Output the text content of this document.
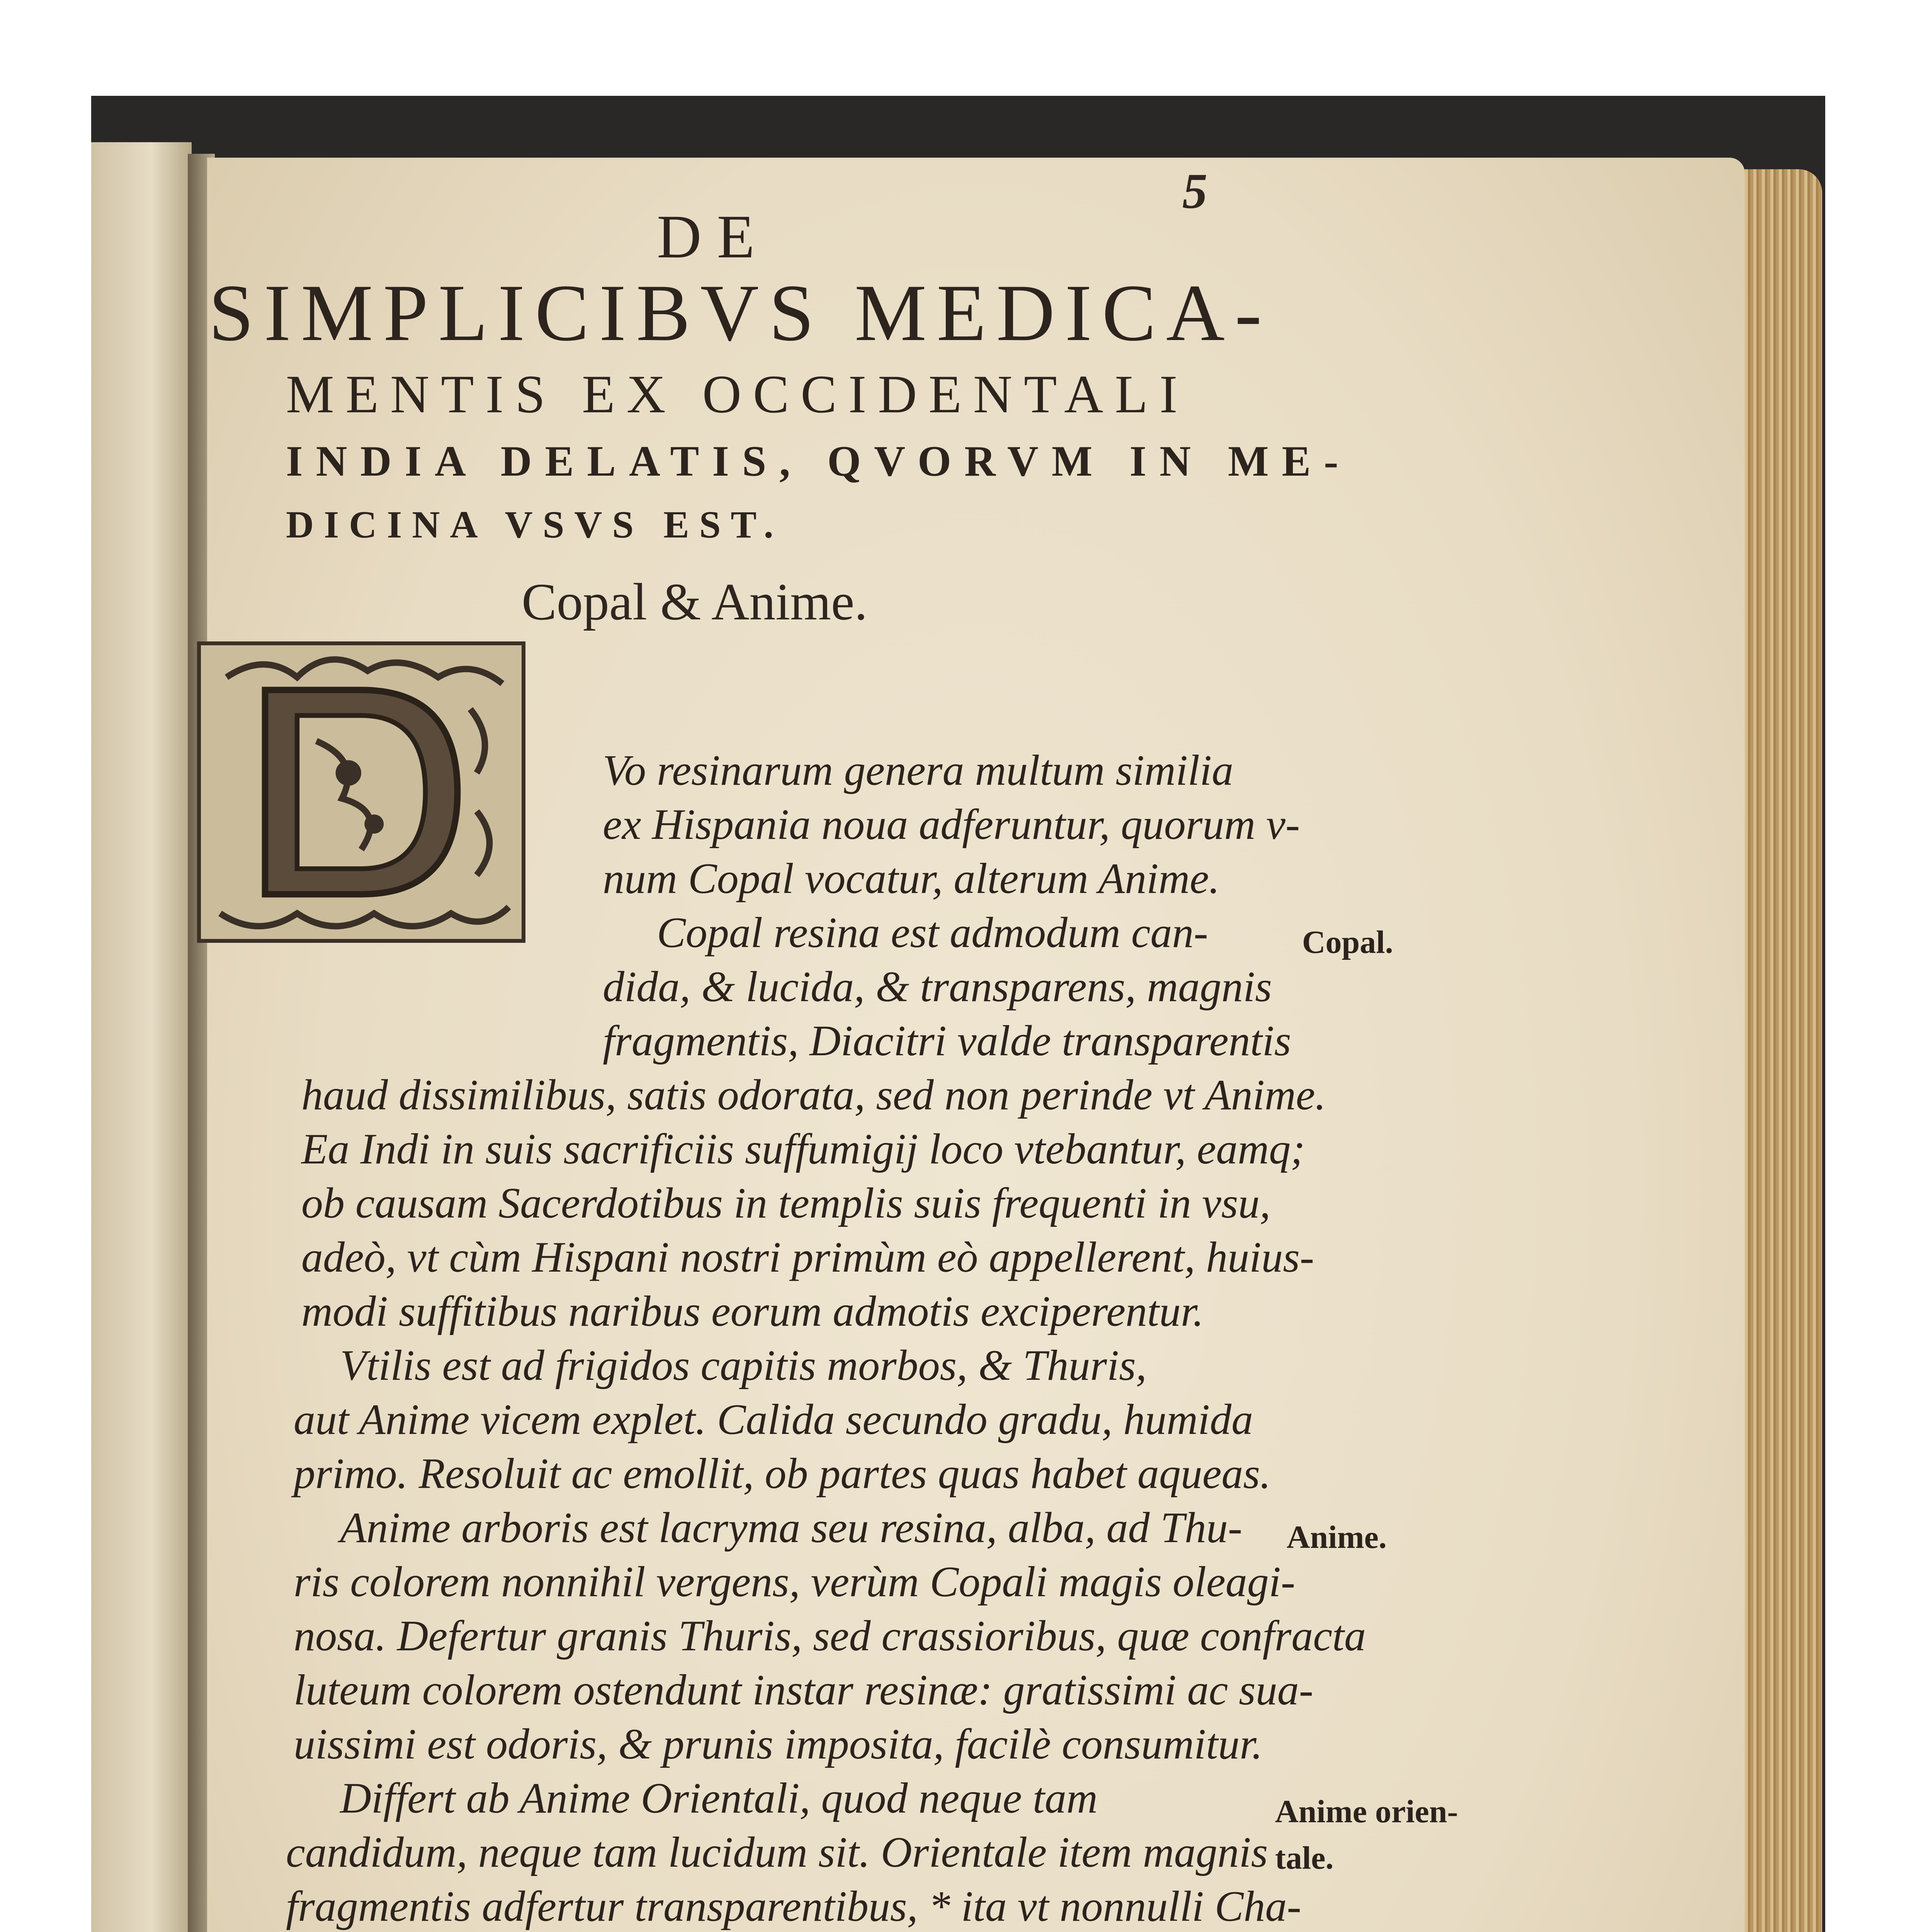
5
DE
SIMPLICIBVS MEDICA-
MENTIS EX OCCIDENTALI
INDIA DELATIS, QVORVM IN ME-
DICINA VSVS EST.
Copal & Anime.
Vo resinarum genera multum similia
ex Hispania noua adferuntur, quorum v-
num Copal vocatur, alterum Anime.
Copal resina est admodum can-
dida, & lucida, & transparens, magnis
fragmentis, Diacitri valde transparentis
haud dissimilibus, satis odorata, sed non perinde vt Anime.
Ea Indi in suis sacrificiis suffumigij loco vtebantur, eamq;
ob causam Sacerdotibus in templis suis frequenti in vsu,
adeò, vt cùm Hispani nostri primùm eò appellerent, huius-
modi suffitibus naribus eorum admotis exciperentur.
Vtilis est ad frigidos capitis morbos, & Thuris,
aut Anime vicem explet. Calida secundo gradu, humida
primo. Resoluit ac emollit, ob partes quas habet aqueas.
Anime arboris est lacryma seu resina, alba, ad Thu-
ris colorem nonnihil vergens, verùm Copali magis oleagi-
nosa. Defertur granis Thuris, sed crassioribus, quæ confracta
luteum colorem ostendunt instar resinæ: gratissimi ac sua-
uissimi est odoris, & prunis imposita, facilè consumitur.
Differt ab Anime Orientali, quod neque tam
candidum, neque tam lucidum sit. Orientale item magnis
fragmentis adfertur transparentibus, * ita vt nonnulli Cha-
Copal.
Anime.
Anime orien-
tale.
